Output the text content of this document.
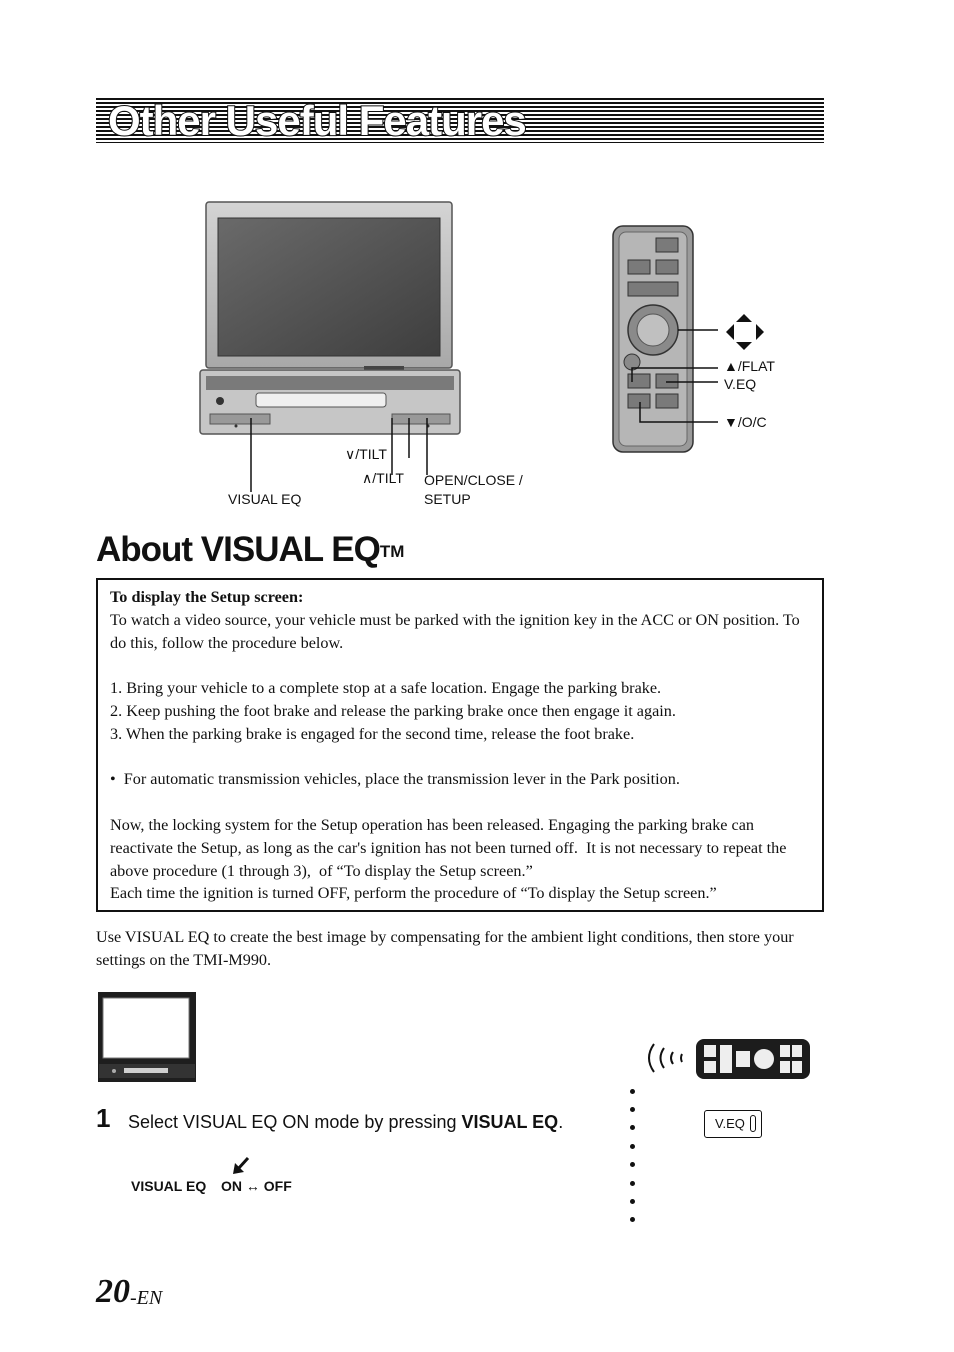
Other Useful Features
∨/TILT
∧/TILT OPEN/CLOSE /
SETUP
VISUAL EQ
▲/FLAT
V.EQ
▼/O/C
About VISUAL EQ™

To display the Setup screen:

To watch a video source, your vehicle must be parked with the ignition key in the ACC or ON position. To do this, follow the procedure below.

1. Bring your vehicle to a complete stop at a safe location. Engage the parking brake.
2. Keep pushing the foot brake and release the parking brake once then engage it again.
3. When the parking brake is engaged for the second time, release the foot brake.

•  For automatic transmission vehicles, place the transmission lever in the Park position.

Now, the locking system for the Setup operation has been released. Engaging the parking brake can reactivate the Setup, as long as the car's ignition has not been turned off.  It is not necessary to repeat the above procedure (1 through 3),  of “To display the Setup screen.”

Each time the ignition is turned OFF, perform the procedure of “To display the Setup screen.”

Use VISUAL EQ to create the best image by compensating for the ambient light conditions, then store your settings on the TMI-M990.
V.EQ
1 Select VISUAL EQ ON mode by pressing VISUAL EQ.
VISUAL EQ ON ↔ OFF
20 -EN
